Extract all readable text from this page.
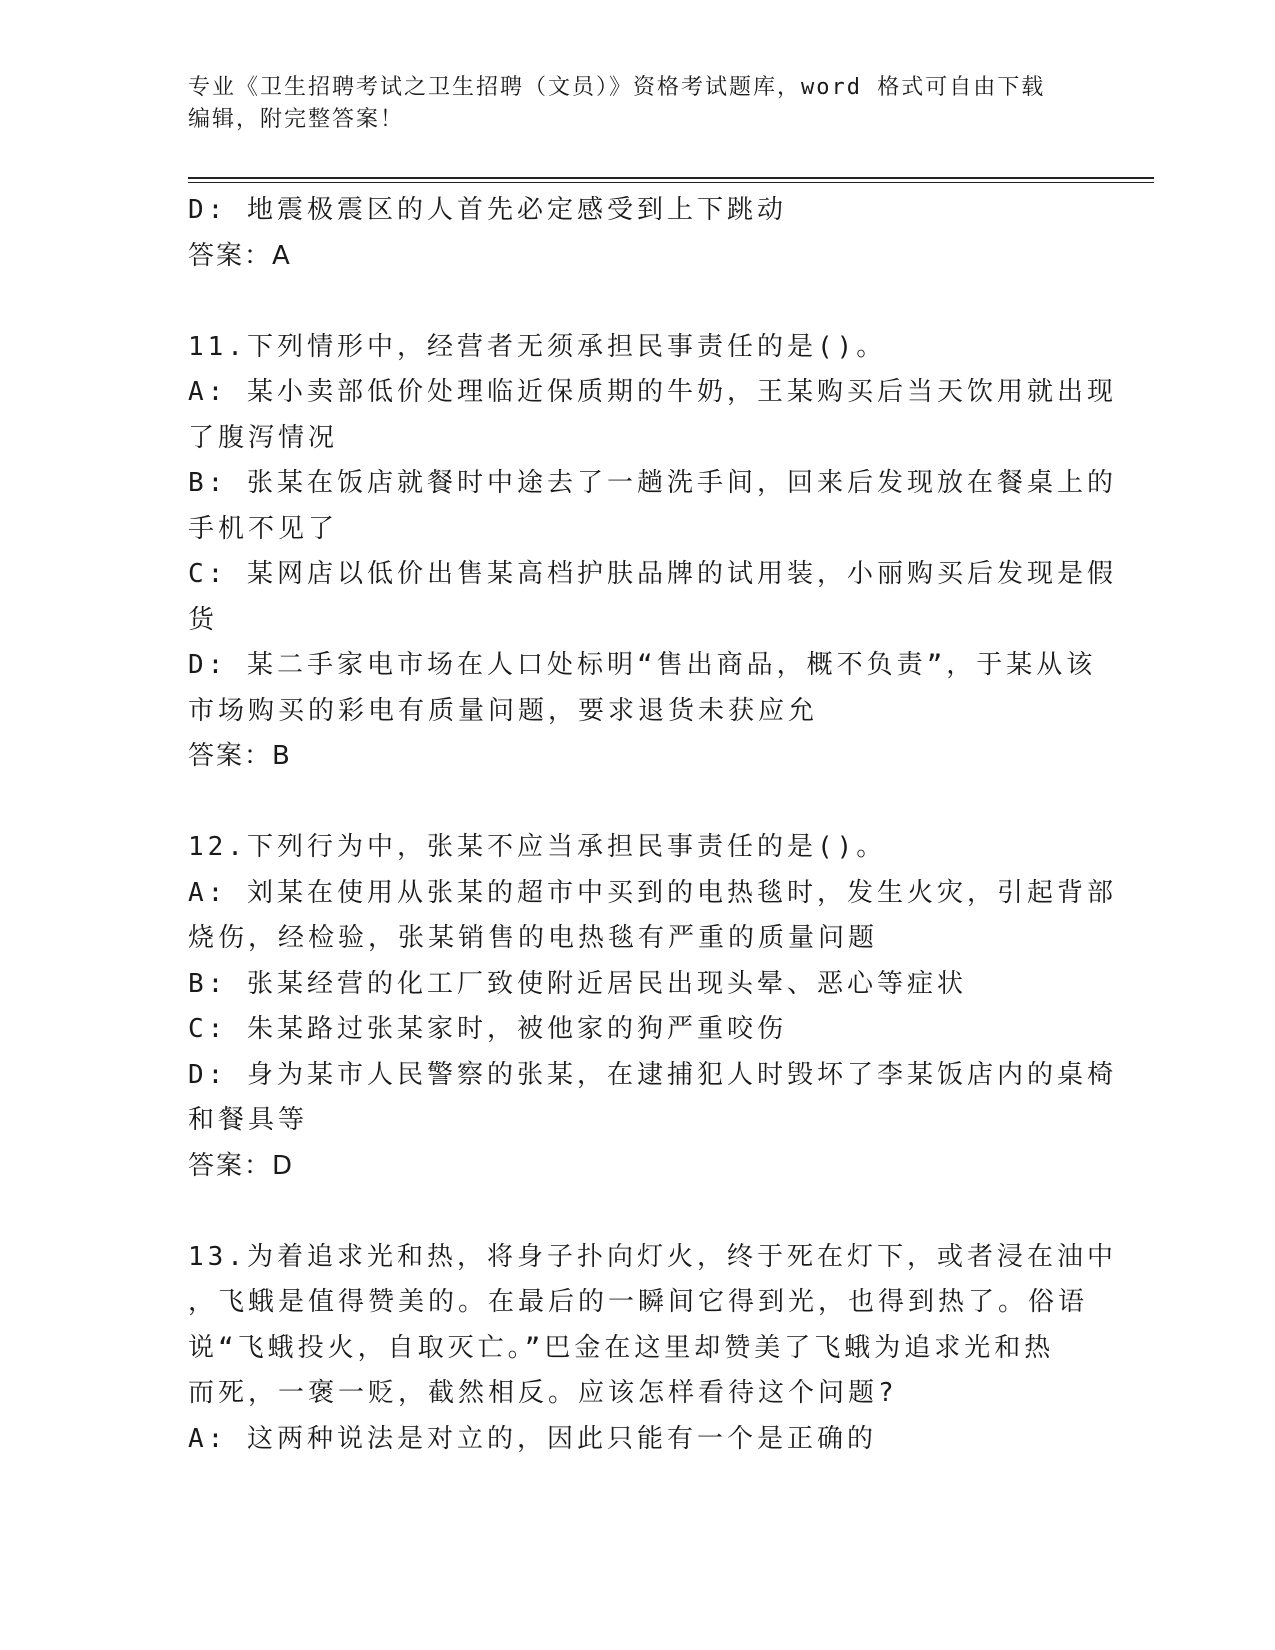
专业《卫生招聘考试之卫生招聘（文员）》资格考试题库，word 格式可自由下载
编辑，附完整答案！
D: 地震极震区的人首先必定感受到上下跳动
答案：A
11.下列情形中，经营者无须承担民事责任的是()。
A: 某小卖部低价处理临近保质期的牛奶，王某购买后当天饮用就出现
了腹泻情况
B: 张某在饭店就餐时中途去了一趟洗手间，回来后发现放在餐桌上的
手机不见了
C: 某网店以低价出售某高档护肤品牌的试用装，小丽购买后发现是假
货
D: 某二手家电市场在人口处标明“售出商品，概不负责”，于某从该
市场购买的彩电有质量问题，要求退货未获应允
答案：B
12.下列行为中，张某不应当承担民事责任的是()。
A: 刘某在使用从张某的超市中买到的电热毯时，发生火灾，引起背部
烧伤，经检验，张某销售的电热毯有严重的质量问题
B: 张某经营的化工厂致使附近居民出现头晕、恶心等症状
C: 朱某路过张某家时，被他家的狗严重咬伤
D: 身为某市人民警察的张某，在逮捕犯人时毁坏了李某饭店内的桌椅
和餐具等
答案：D
13.为着追求光和热，将身子扑向灯火，终于死在灯下，或者浸在油中
，飞蛾是值得赞美的。在最后的一瞬间它得到光，也得到热了。俗语
说“飞蛾投火，自取灭亡。”巴金在这里却赞美了飞蛾为追求光和热
而死，一褒一贬，截然相反。应该怎样看待这个问题?
A: 这两种说法是对立的，因此只能有一个是正确的
